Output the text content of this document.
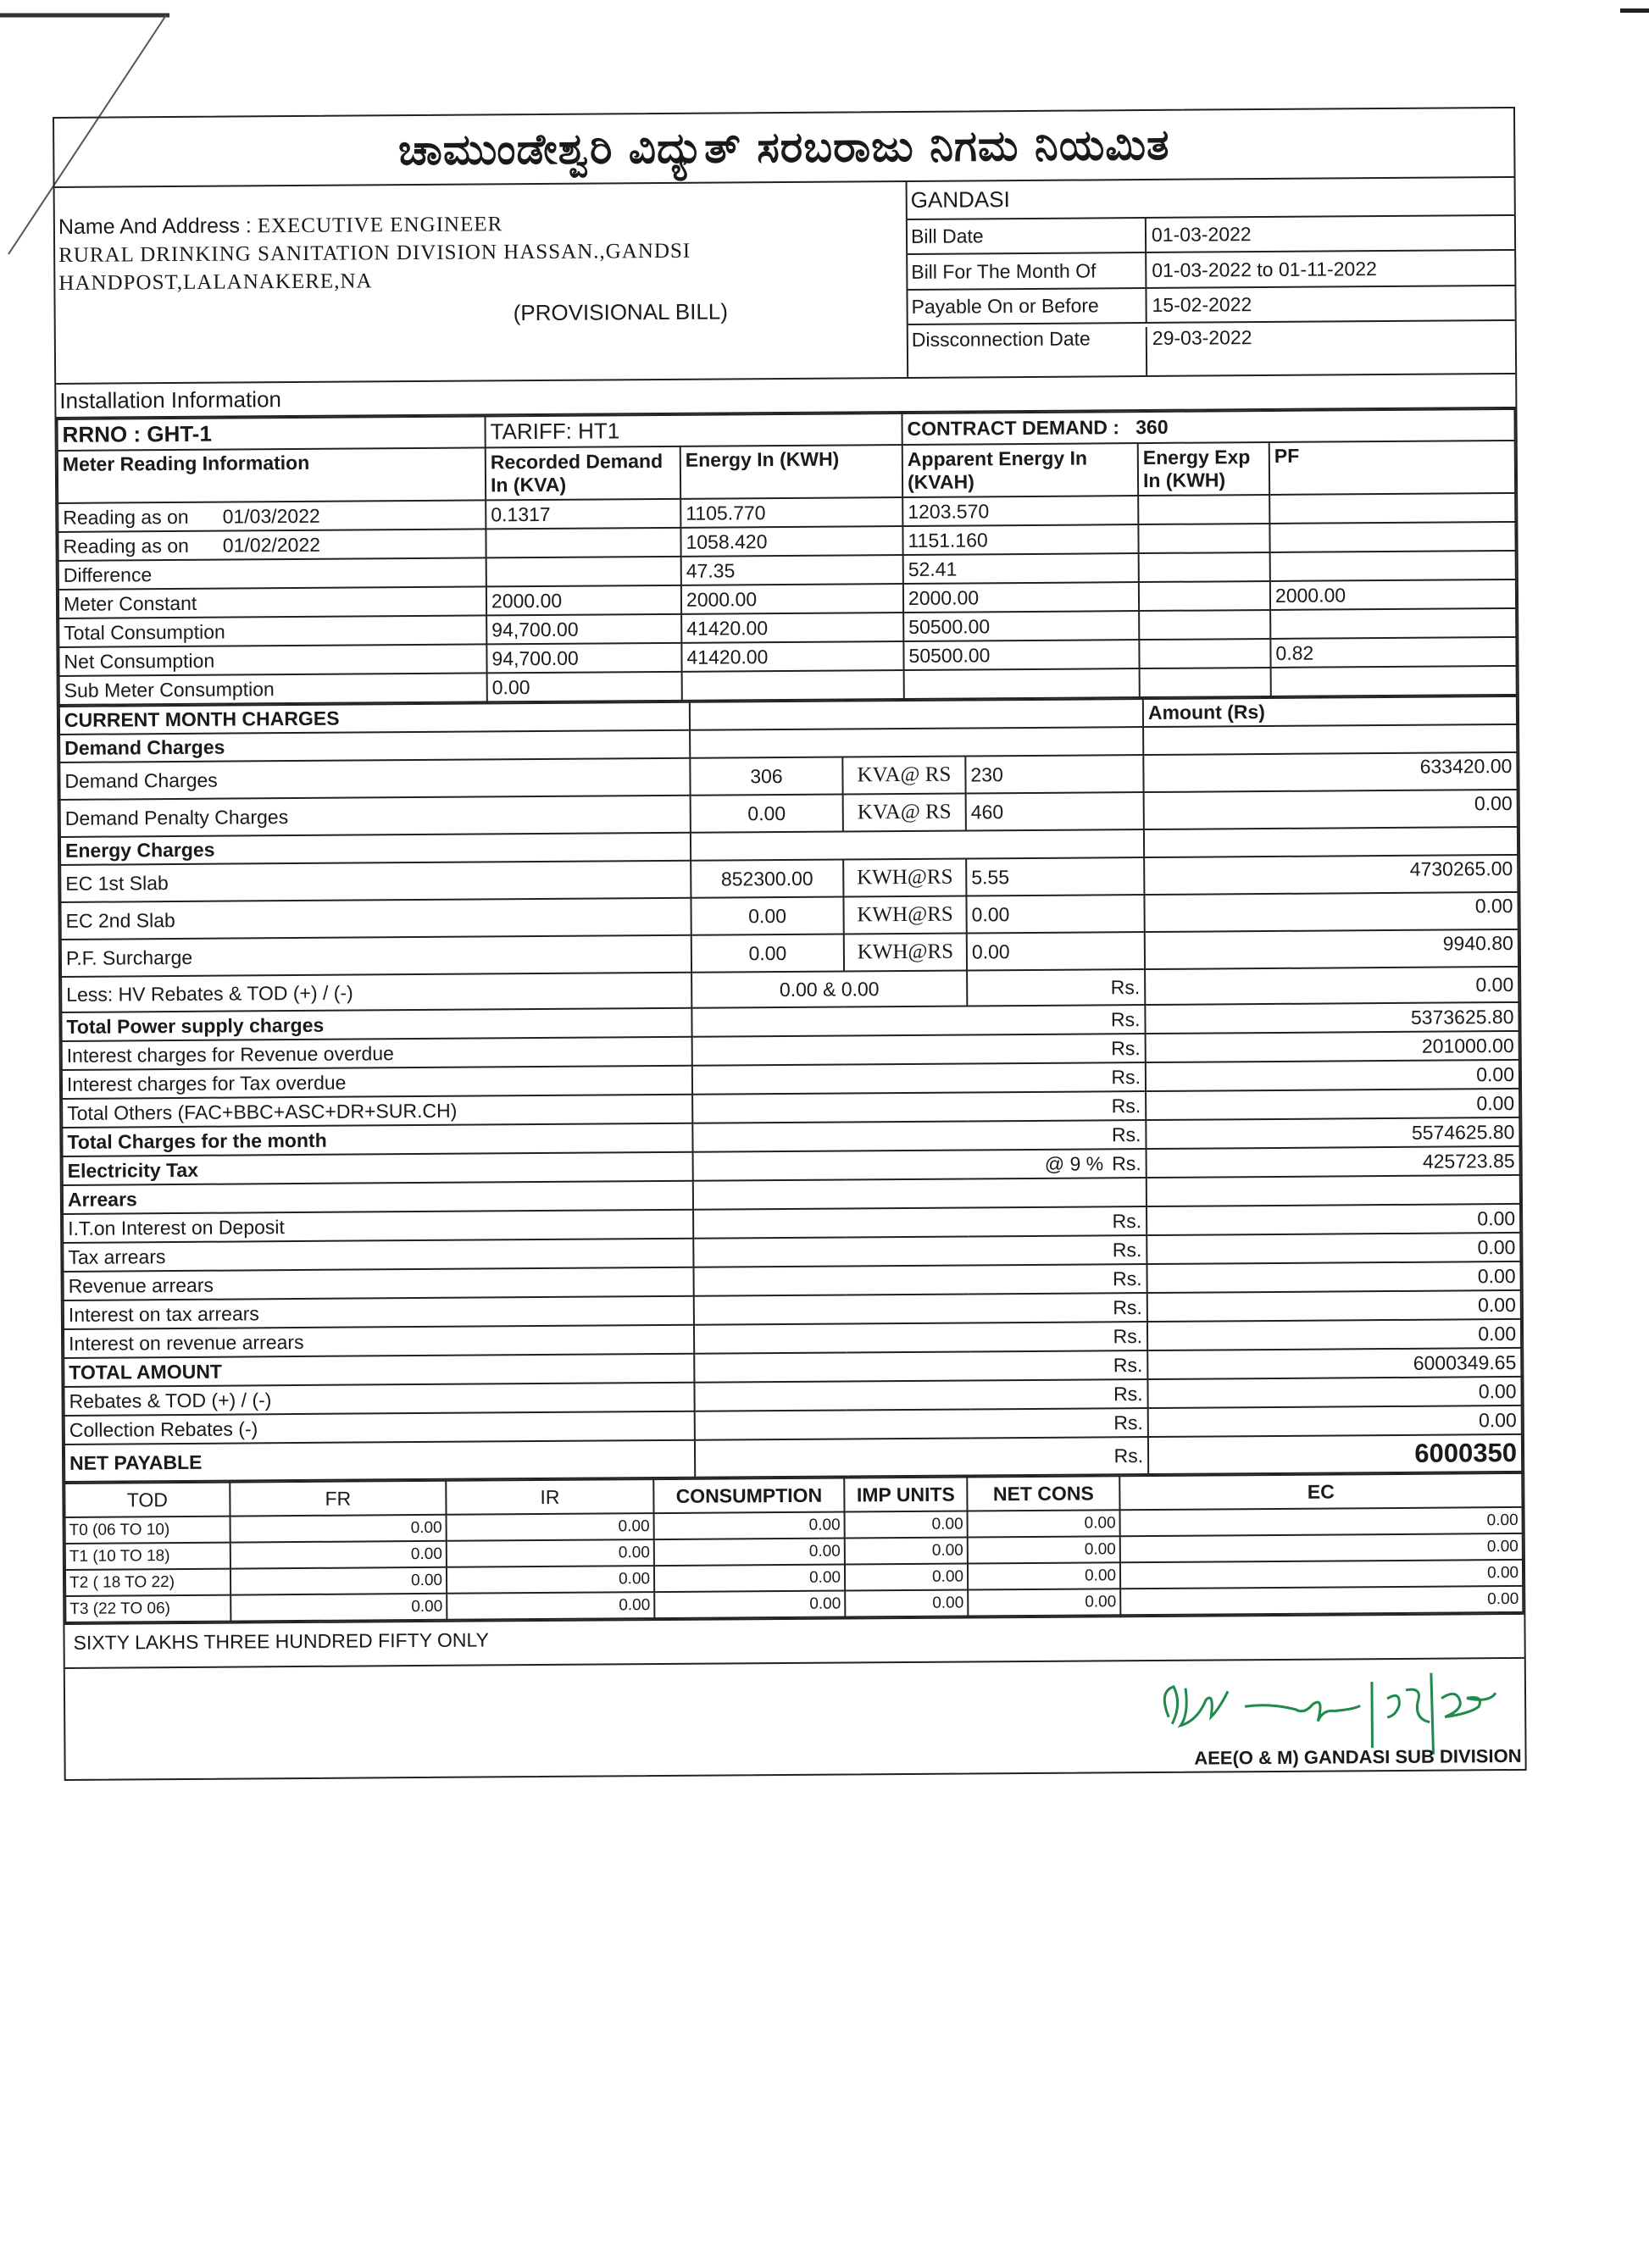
ಚಾಮುಂಡೇಶ್ವರಿ ವಿದ್ಯುತ್ ಸರಬರಾಜು ನಿಗಮ ನಿಯಮಿತ
Name And Address : EXECUTIVE ENGINEER
RURAL DRINKING SANITATION DIVISION HASSAN.,GANDSI
HANDPOST,LALANAKERE,NA
(PROVISIONAL BILL)
GANDASI
Bill Date	01-03-2022
Bill For The Month Of	01-03-2022 to 01-11-2022
Payable On or Before	15-02-2022
Dissconnection Date	29-03-2022
Installation Information
RRNO : GHT-1	TARIFF: HT1		CONTRACT DEMAND : 360		
Meter Reading Information	Recorded Demand In (KVA)	Energy In (KWH)	Apparent Energy In (KVAH)	Energy Exp In (KWH)	PF
Reading as on 01/03/2022	0.1317	1105.770	1203.570		
Reading as on 01/02/2022		1058.420	1151.160		
Difference		47.35	52.41		
Meter Constant	2000.00	2000.00	2000.00		2000.00
Total Consumption	94,700.00	41420.00	50500.00		
Net Consumption	94,700.00	41420.00	50500.00		0.82
Sub Meter Consumption	0.00				
CURRENT MONTH CHARGES				Amount (Rs)
Demand Charges				
Demand Charges	306	KVA@ RS	230	633420.00
Demand Penalty Charges	0.00	KVA@ RS	460	0.00
Energy Charges				
EC 1st Slab	852300.00	KWH@RS	5.55	4730265.00
EC 2nd Slab	0.00	KWH@RS	0.00	0.00
P.F. Surcharge	0.00	KWH@RS	0.00	9940.80
Less: HV Rebates & TOD (+) / (-)	0.00 & 0.00		Rs.	0.00
Total Power supply charges	Rs.			5373625.80
Interest charges for Revenue overdue	Rs.			201000.00
Interest charges for Tax overdue	Rs.			0.00
Total Others (FAC+BBC+ASC+DR+SUR.CH)	Rs.			0.00
Total Charges for the month	Rs.			5574625.80
Electricity Tax	@ 9 % Rs.			425723.85
Arrears				
I.T.on Interest on Deposit	Rs.			0.00
Tax arrears	Rs.			0.00
Revenue arrears	Rs.			0.00
Interest on tax arrears	Rs.			0.00
Interest on revenue arrears	Rs.			0.00
TOTAL AMOUNT	Rs.			6000349.65
Rebates & TOD (+) / (-)	Rs.			0.00
Collection Rebates (-)	Rs.			0.00
NET PAYABLE	Rs.			6000350
TOD	FR	IR	CONSUMPTION	IMP UNITS	NET CONS	EC
T0 (06 TO 10)	0.00	0.00	0.00	0.00	0.00	0.00
T1 (10 TO 18)	0.00	0.00	0.00	0.00	0.00	0.00
T2 ( 18 TO 22)	0.00	0.00	0.00	0.00	0.00	0.00
T3 (22 TO 06)	0.00	0.00	0.00	0.00	0.00	0.00
SIXTY LAKHS THREE HUNDRED FIFTY ONLY
AEE(O & M) GANDASI SUB DIVISION
